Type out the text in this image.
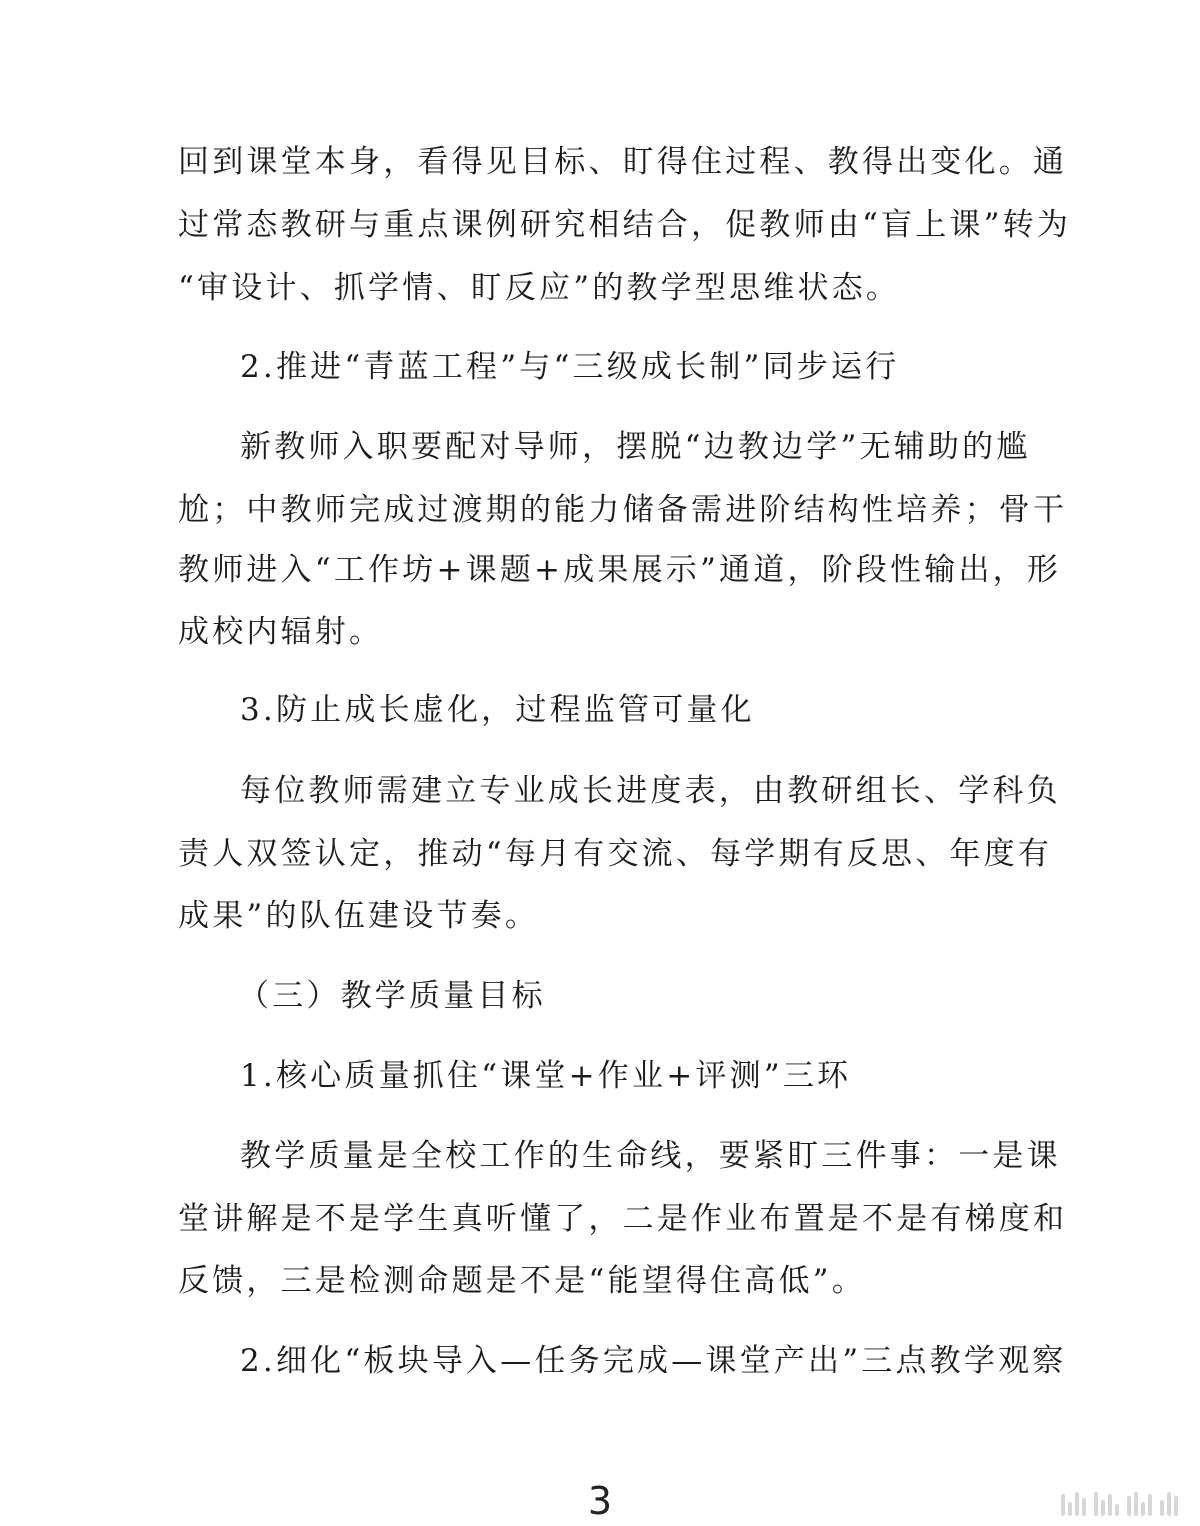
回到课堂本身，看得见目标、盯得住过程、教得出变化。通
过常态教研与重点课例研究相结合，促教师由“盲上课”转为
“审设计、抓学情、盯反应”的教学型思维状态。
2.推进“青蓝工程”与“三级成长制”同步运行
新教师入职要配对导师，摆脱“边教边学”无辅助的尴
尬；中教师完成过渡期的能力储备需进阶结构性培养；骨干
教师进入“工作坊+课题+成果展示”通道，阶段性输出，形
成校内辐射。
3.防止成长虚化，过程监管可量化
每位教师需建立专业成长进度表，由教研组长、学科负
责人双签认定，推动“每月有交流、每学期有反思、年度有
成果”的队伍建设节奏。
（三）教学质量目标
1.核心质量抓住“课堂+作业+评测”三环
教学质量是全校工作的生命线，要紧盯三件事：一是课
堂讲解是不是学生真听懂了，二是作业布置是不是有梯度和
反馈，三是检测命题是不是“能望得住高低”。
2.细化“板块导入—任务完成—课堂产出”三点教学观察
3
